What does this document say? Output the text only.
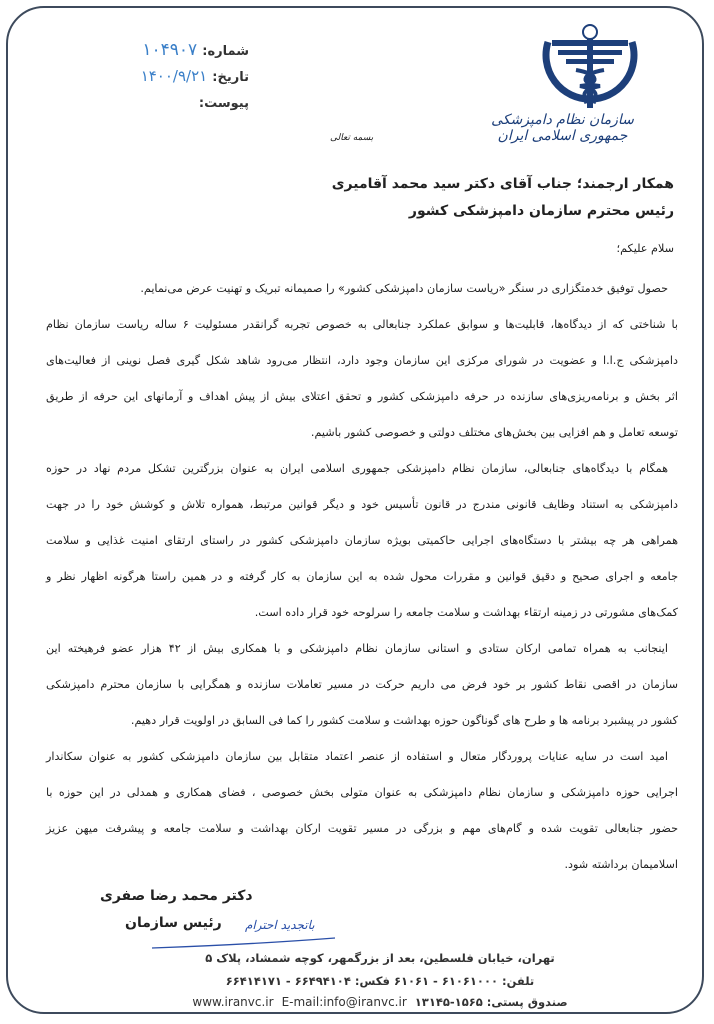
سازمان نظام دامپزشکی جمهوری اسلامی ایران
شماره: ۱۰۴۹۰۷
تاریخ: ۱۴۰۰/۹/۲۱
پیوست:
بسمه تعالی
همکار ارجمند؛ جناب آقای دکتر سید محمد آقامیری
رئیس محترم سازمان دامپزشکی کشور
سلام علیکم؛
حصول توفیق خدمتگزاری در سنگر «ریاست سازمان دامپزشکی کشور» را صمیمانه تبریک و تهنیت عرض می‌نمایم.
با شناختی که از دیدگاه‌ها، قابلیت‌ها و سوابق عملکرد جنابعالی به خصوص تجربه گرانقدر مسئولیت ۶ ساله ریاست سازمان نظام
دامپزشکی ج.ا.ا و عضویت در شورای مرکزی این سازمان وجود دارد، انتظار می‌رود شاهد شکل گیری فصل نوینی از فعالیت‌های
اثر بخش و برنامه‌ریزی‌های سازنده در حرفه دامپزشکی کشور و تحقق اعتلای بیش از پیش اهداف و آرمانهای این حرفه از طریق
توسعه تعامل و هم افزایی بین بخش‌های مختلف دولتی و خصوصی کشور باشیم.
همگام با دیدگاه‌های جنابعالی، سازمان نظام دامپزشکی جمهوری اسلامی ایران به عنوان بزرگترین تشکل مردم نهاد در حوزه
دامپزشکی به استناد وظایف قانونی مندرج در قانون تأسیس خود و دیگر قوانین مرتبط، همواره تلاش و کوشش خود را در جهت
همراهی هر چه بیشتر با دستگاه‌های اجرایی حاکمیتی بویژه سازمان دامپزشکی کشور در راستای ارتقای امنیت غذایی و سلامت
جامعه و اجرای صحیح و دقیق قوانین و مقررات محول شده به این سازمان به کار گرفته و در همین راستا هرگونه اظهار نظر و
کمک‌های مشورتی در زمینه ارتقاء بهداشت و سلامت جامعه را سرلوحه خود قرار داده است.
اینجانب به همراه تمامی ارکان ستادی و استانی سازمان نظام دامپزشکی و با همکاری بیش از ۴۲ هزار عضو فرهیخته این
سازمان در اقصی نقاط کشور بر خود فرض می داریم حرکت در مسیر تعاملات سازنده و همگرایی با سازمان محترم دامپزشکی
کشور در پیشبرد برنامه ها و طرح های گوناگون حوزه بهداشت و سلامت کشور را کما فی السابق در اولویت قرار دهیم.
امید است در سایه عنایات پروردگار متعال و استفاده از عنصر اعتماد متقابل بین سازمان دامپزشکی کشور به عنوان سکاندار
اجرایی حوزه دامپزشکی و سازمان نظام دامپزشکی به عنوان متولی بخش خصوصی ، فضای همکاری و همدلی در این حوزه با
حضور جنابعالی تقویت شده و گام‌های مهم و بزرگی در مسیر تقویت ارکان بهداشت و سلامت جامعه و پیشرفت میهن عزیز
اسلامیمان برداشته شود.
دکتر محمد رضا صفری
رئیس سازمان باتجدید احترام
تهران، خیابان فلسطین، بعد از بزرگمهر، کوچه شمشاد، پلاک ۵
تلفن: ۶۱۰۶۱۰۰۰ - ۶۱۰۶۱ فکس: ۶۶۴۹۴۱۰۴ - ۶۶۴۱۴۱۷۱
صندوق پستی: ۱۵۶۵-۱۳۱۴۵  E-mail:info@iranvc.ir  www.iranvc.ir
